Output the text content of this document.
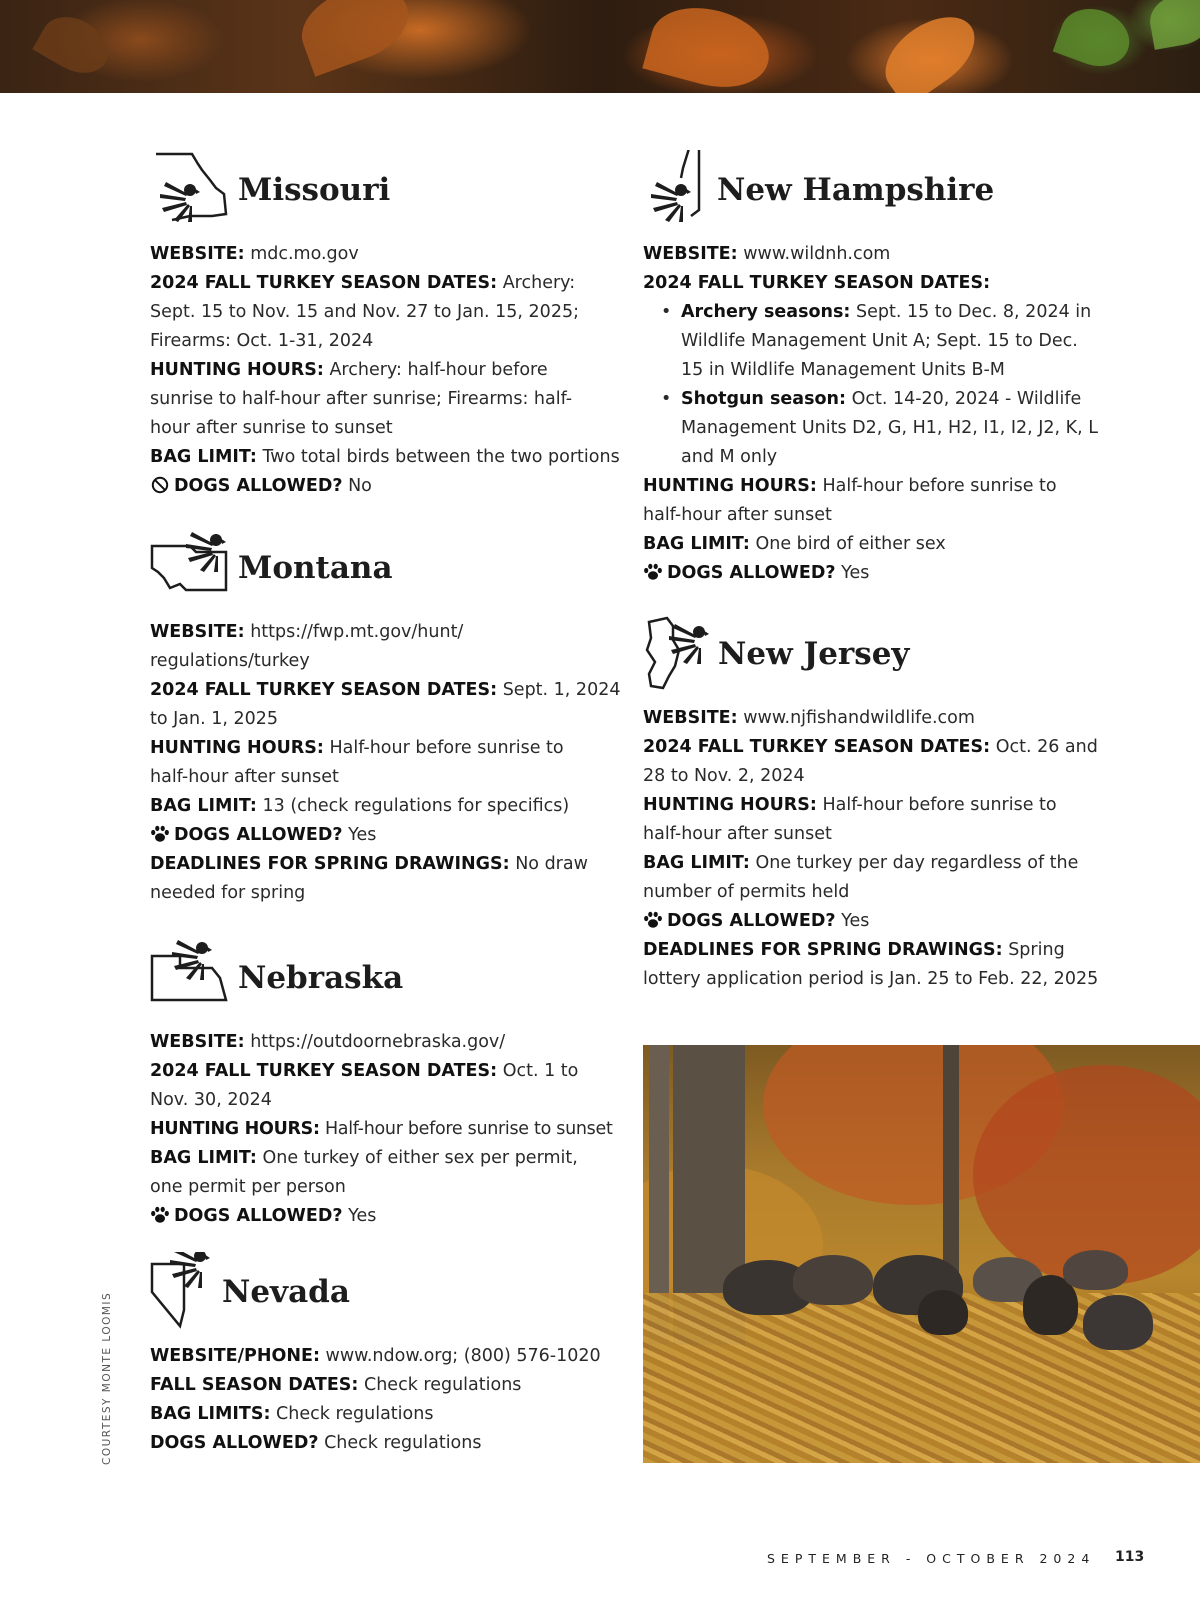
Missouri
WEBSITE: mdc.mo.gov
2024 FALL TURKEY SEASON DATES: Archery:
Sept. 15 to Nov. 15 and Nov. 27 to Jan. 15, 2025;
Firearms: Oct. 1-31, 2024
HUNTING HOURS: Archery: half-hour before
sunrise to half-hour after sunrise; Firearms: half-
hour after sunrise to sunset
BAG LIMIT: Two total birds between the two portions
DOGS ALLOWED? No
Montana
WEBSITE: https://fwp.mt.gov/hunt/
regulations/turkey
2024 FALL TURKEY SEASON DATES: Sept. 1, 2024
to Jan. 1, 2025
HUNTING HOURS: Half-hour before sunrise to
half-hour after sunset
BAG LIMIT: 13 (check regulations for specifics)
DOGS ALLOWED? Yes
DEADLINES FOR SPRING DRAWINGS: No draw
needed for spring
Nebraska
WEBSITE: https://outdoornebraska.gov/
2024 FALL TURKEY SEASON DATES: Oct. 1 to
Nov. 30, 2024
HUNTING HOURS: Half-hour before sunrise to sunset
BAG LIMIT: One turkey of either sex per permit,
one permit per person
DOGS ALLOWED? Yes
Nevada
WEBSITE/PHONE: www.ndow.org; (800) 576-1020
FALL SEASON DATES: Check regulations
BAG LIMITS: Check regulations
DOGS ALLOWED? Check regulations
New Hampshire
WEBSITE: www.wildnh.com
2024 FALL TURKEY SEASON DATES:
• Archery seasons: Sept. 15 to Dec. 8, 2024 in
Wildlife Management Unit A; Sept. 15 to Dec.
15 in Wildlife Management Units B-M
• Shotgun season: Oct. 14-20, 2024 - Wildlife
Management Units D2, G, H1, H2, I1, I2, J2, K, L
and M only
HUNTING HOURS: Half-hour before sunrise to
half-hour after sunset
BAG LIMIT: One bird of either sex
DOGS ALLOWED? Yes
New Jersey
WEBSITE: www.njfishandwildlife.com
2024 FALL TURKEY SEASON DATES: Oct. 26 and
28 to Nov. 2, 2024
HUNTING HOURS: Half-hour before sunrise to
half-hour after sunset
BAG LIMIT: One turkey per day regardless of the
number of permits held
DOGS ALLOWED? Yes
DEADLINES FOR SPRING DRAWINGS: Spring
lottery application period is Jan. 25 to Feb. 22, 2025
COURTESY MONTE LOOMIS
SEPTEMBER - OCTOBER 2024 113
